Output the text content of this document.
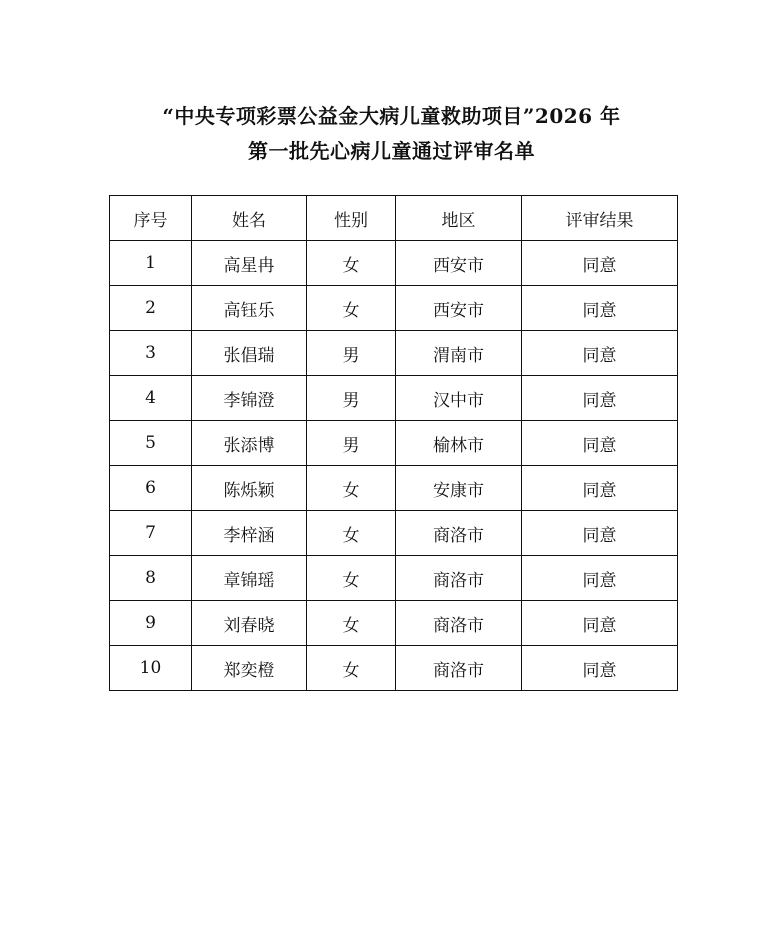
“中央专项彩票公益金大病儿童救助项目”2026 年
第一批先心病儿童通过评审名单
序号	姓名	性别	地区	评审结果
1	高星冉	女	西安市	同意
2	高钰乐	女	西安市	同意
3	张倡瑞	男	渭南市	同意
4	李锦澄	男	汉中市	同意
5	张添博	男	榆林市	同意
6	陈烁颖	女	安康市	同意
7	李梓涵	女	商洛市	同意
8	章锦瑶	女	商洛市	同意
9	刘春晓	女	商洛市	同意
10	郑奕橙	女	商洛市	同意
